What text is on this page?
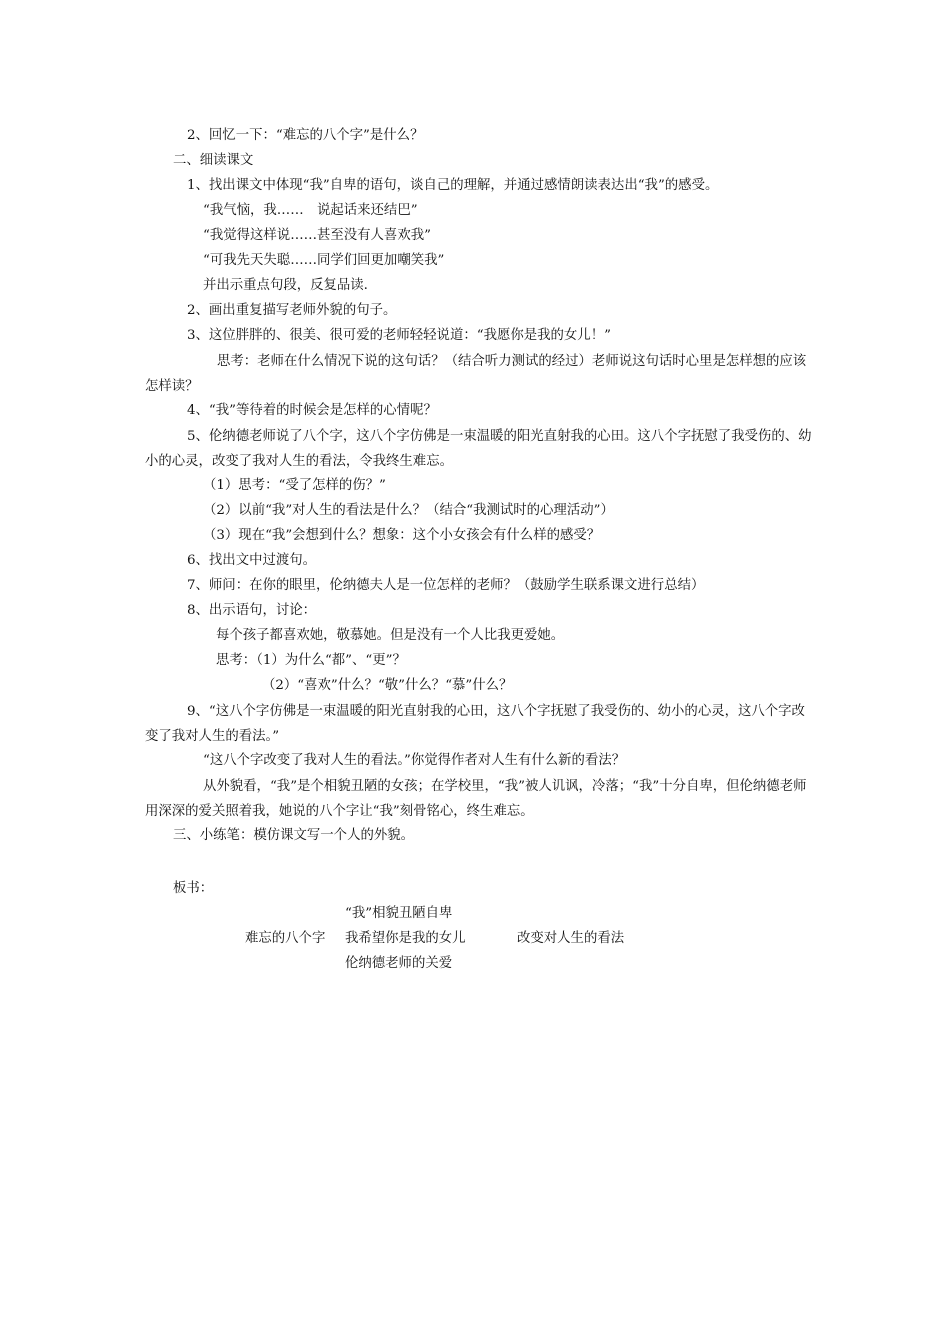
2、回忆一下：“难忘的八个字”是什么？
二、细读课文
1、找出课文中体现“我”自卑的语句，谈自己的理解，并通过感情朗读表达出“我”的感受。
“我气恼，我……　说起话来还结巴”
“我觉得这样说……甚至没有人喜欢我”
“可我先天失聪……同学们回更加嘲笑我”
并出示重点句段，反复品读.
2、画出重复描写老师外貌的句子。
3、这位胖胖的、很美、很可爱的老师轻轻说道：“我愿你是我的女儿！”
思考：老师在什么情况下说的这句话？（结合听力测试的经过）老师说这句话时心里是怎样想的应该怎样读？
4、“我”等待着的时候会是怎样的心情呢？
5、伦纳德老师说了八个字，这八个字仿佛是一束温暖的阳光直射我的心田。这八个字抚慰了我受伤的、幼小的心灵，改变了我对人生的看法，令我终生难忘。
（1）思考：“受了怎样的伤？”
（2）以前“我”对人生的看法是什么？（结合“我测试时的心理活动”）
（3）现在“我”会想到什么？想象：这个小女孩会有什么样的感受？
6、找出文中过渡句。
7、师问：在你的眼里，伦纳德夫人是一位怎样的老师？（鼓励学生联系课文进行总结）
8、出示语句，讨论：
每个孩子都喜欢她，敬慕她。但是没有一个人比我更爱她。
思考：（1）为什么“都”、“更”？
（2）“喜欢”什么？“敬”什么？“慕”什么？
9、“这八个字仿佛是一束温暖的阳光直射我的心田，这八个字抚慰了我受伤的、幼小的心灵，这八个字改变了我对人生的看法。”
“这八个字改变了我对人生的看法。”你觉得作者对人生有什么新的看法？
从外貌看，“我”是个相貌丑陋的女孩；在学校里，“我”被人讥讽，冷落；“我”十分自卑，但伦纳德老师用深深的爱关照着我，她说的八个字让“我”刻骨铭心，终生难忘。
三、小练笔：模仿课文写一个人的外貌。
板书：
“我”相貌丑陋自卑
难忘的八个字 我希望你是我的女儿	改变对人生的看法
伦纳德老师的关爱
